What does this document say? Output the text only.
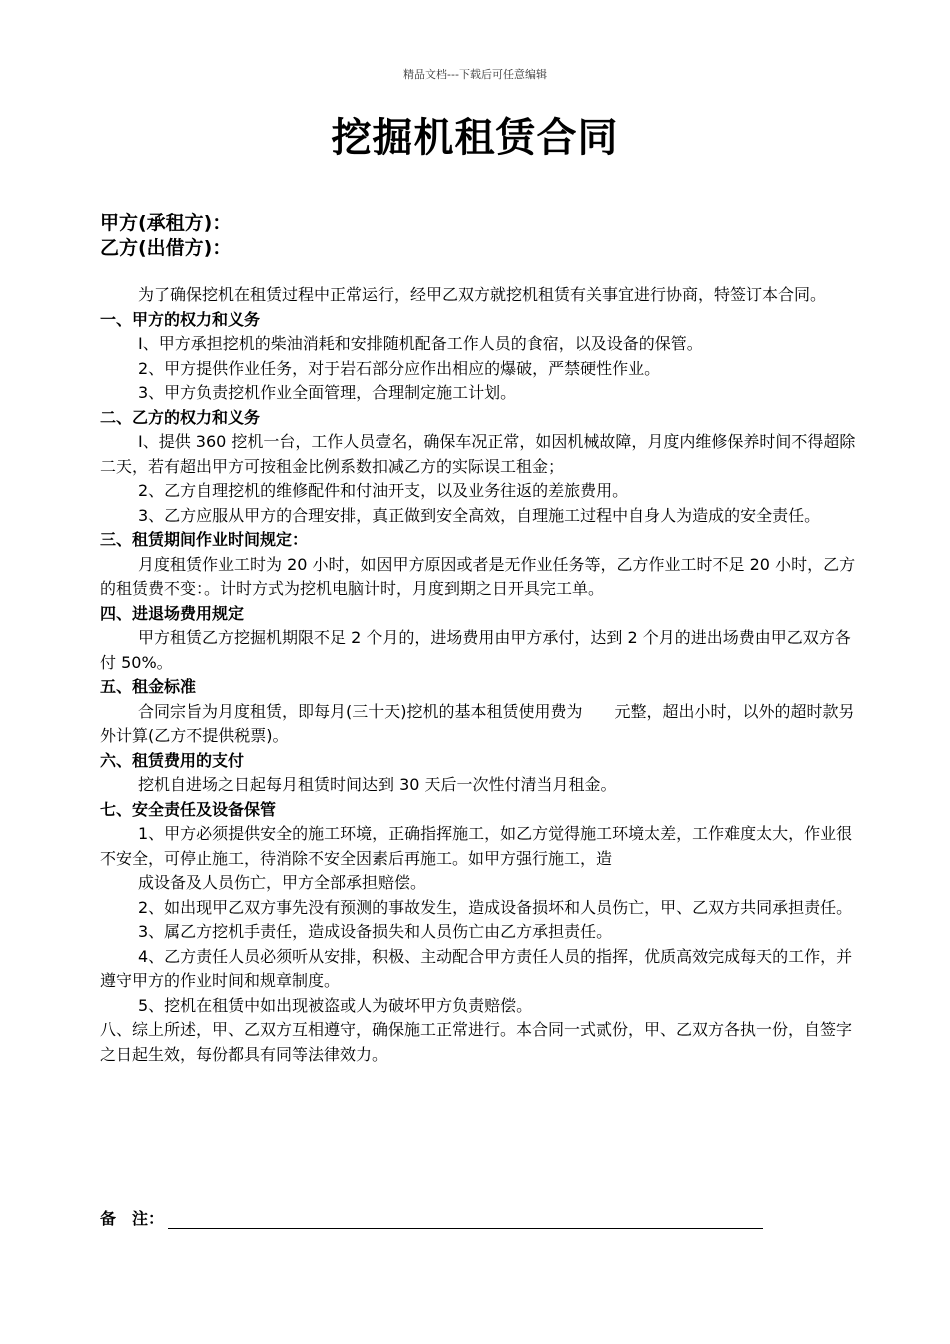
精品文档---下载后可任意编辑
挖掘机租赁合同
甲方(承租方)：
乙方(出借方)：

为了确保挖机在租赁过程中正常运行，经甲乙双方就挖机租赁有关事宜进行协商，特签订本合同。

一、甲方的权力和义务

Ⅰ、甲方承担挖机的柴油消耗和安排随机配备工作人员的食宿，以及设备的保管。

2、甲方提供作业任务，对于岩石部分应作出相应的爆破，严禁硬性作业。

3、甲方负责挖机作业全面管理，合理制定施工计划。

二、乙方的权力和义务

Ⅰ、提供 360 挖机一台，工作人员壹名，确保车况正常，如因机械故障，月度内维修保养时间不得超除二天，若有超出甲方可按租金比例系数扣减乙方的实际误工租金；

2、乙方自理挖机的维修配件和付油开支，以及业务往返的差旅费用。

3、乙方应服从甲方的合理安排，真正做到安全高效，自理施工过程中自身人为造成的安全责任。

三、租赁期间作业时间规定：

月度租赁作业工时为 20 小时，如因甲方原因或者是无作业任务等，乙方作业工时不足 20 小时，乙方的租赁费不变：。计时方式为挖机电脑计时，月度到期之日开具完工单。

四、进退场费用规定

甲方租赁乙方挖掘机期限不足 2 个月的，进场费用由甲方承付，达到 2 个月的进出场费由甲乙双方各付 50%。

五、租金标准

合同宗旨为月度租赁，即每月(三十天)挖机的基本租赁使用费为　　元整，超出小时，以外的超时款另外计算(乙方不提供税票)。

六、租赁费用的支付

挖机自进场之日起每月租赁时间达到 30 天后一次性付清当月租金。

七、安全责任及设备保管

1、甲方必须提供安全的施工环境，正确指挥施工，如乙方觉得施工环境太差，工作难度太大，作业很不安全，可停止施工，待消除不安全因素后再施工。如甲方强行施工，造

成设备及人员伤亡，甲方全部承担赔偿。

2、如出现甲乙双方事先没有预测的事故发生，造成设备损坏和人员伤亡，甲、乙双方共同承担责任。

3、属乙方挖机手责任，造成设备损失和人员伤亡由乙方承担责任。

4、乙方责任人员必须听从安排，积极、主动配合甲方责任人员的指挥，优质高效完成每天的工作，并遵守甲方的作业时间和规章制度。

5、挖机在租赁中如出现被盗或人为破坏甲方负责赔偿。

八、综上所述，甲、乙双方互相遵守，确保施工正常进行。本合同一式贰份，甲、乙双方各执一份，自签字之日起生效，每份都具有同等法律效力。

备　注：
